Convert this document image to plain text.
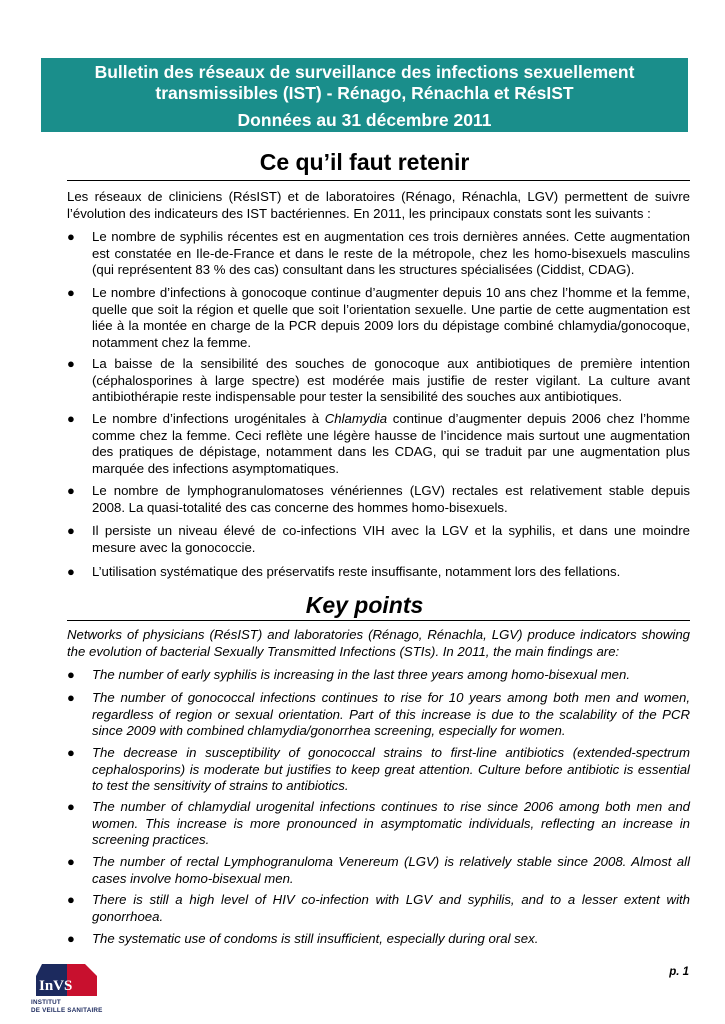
Bulletin des réseaux de surveillance des infections sexuellement
transmissibles (IST) - Rénago, Rénachla et RésIST
Données au 31 décembre 2011
Ce qu’il faut retenir

Les réseaux de cliniciens (RésIST) et de laboratoires (Rénago, Rénachla, LGV) permettent de suivre l’évolution des indicateurs des IST bactériennes. En 2011, les principaux constats sont les suivants :

●	Le nombre de syphilis récentes est en augmentation ces trois dernières années. Cette augmentation est constatée en Ile-de-France et dans le reste de la métropole, chez les homo-bisexuels masculins (qui représentent 83 % des cas) consultant dans les structures spécialisées (Ciddist, CDAG).
●	Le nombre d’infections à gonocoque continue d’augmenter depuis 10 ans chez l’homme et la femme, quelle que soit la région et quelle que soit l’orientation sexuelle. Une partie de cette augmentation est liée à la montée en charge de la PCR depuis 2009 lors du dépistage combiné chlamydia/gonocoque, notamment chez la femme.
●	La baisse de la sensibilité des souches de gonocoque aux antibiotiques de première intention (céphalosporines à large spectre) est modérée mais justifie de rester vigilant. La culture avant antibiothérapie reste indispensable pour tester la sensibilité des souches aux antibiotiques.
●	Le nombre d’infections urogénitales à Chlamydia continue d’augmenter depuis 2006 chez l’homme comme chez la femme. Ceci reflète une légère hausse de l’incidence mais surtout une augmentation des pratiques de dépistage, notamment dans les CDAG, qui se traduit par une augmentation plus marquée des infections asymptomatiques.
●	Le nombre de lymphogranulomatoses vénériennes (LGV) rectales est relativement stable depuis 2008. La quasi-totalité des cas concerne des hommes homo-bisexuels.
●	Il persiste un niveau élevé de co-infections VIH avec la LGV et la syphilis, et dans une moindre mesure avec la gonococcie.
●	L’utilisation systématique des préservatifs reste insuffisante, notamment lors des fellations.
Key points

Networks of physicians (RésIST) and laboratories (Rénago, Rénachla, LGV) produce indicators showing the evolution of bacterial Sexually Transmitted Infections (STIs). In 2011, the main findings are:

●	The number of early syphilis is increasing in the last three years among homo-bisexual men.
●	The number of gonococcal infections continues to rise for 10 years among both men and women, regardless of region or sexual orientation. Part of this increase is due to the scalability of the PCR since 2009 with combined chlamydia/gonorrhea screening, especially for women.
●	The decrease in susceptibility of gonococcal strains to first-line antibiotics (extended-spectrum cephalosporins) is moderate but justifies to keep great attention. Culture before antibiotic is essential to test the sensitivity of strains to antibiotics.
●	The number of chlamydial urogenital infections continues to rise since 2006 among both men and women. This increase is more pronounced in asymptomatic individuals, reflecting an increase in screening practices.
●	The number of rectal Lymphogranuloma Venereum (LGV) is relatively stable since 2008. Almost all cases involve homo-bisexual men.
●	There is still a high level of HIV co-infection with LGV and syphilis, and to a lesser extent with gonorrhoea.
●	The systematic use of condoms is still insufficient, especially during oral sex.
InVS
INSTITUT
DE VEILLE SANITAIRE
p. 1
